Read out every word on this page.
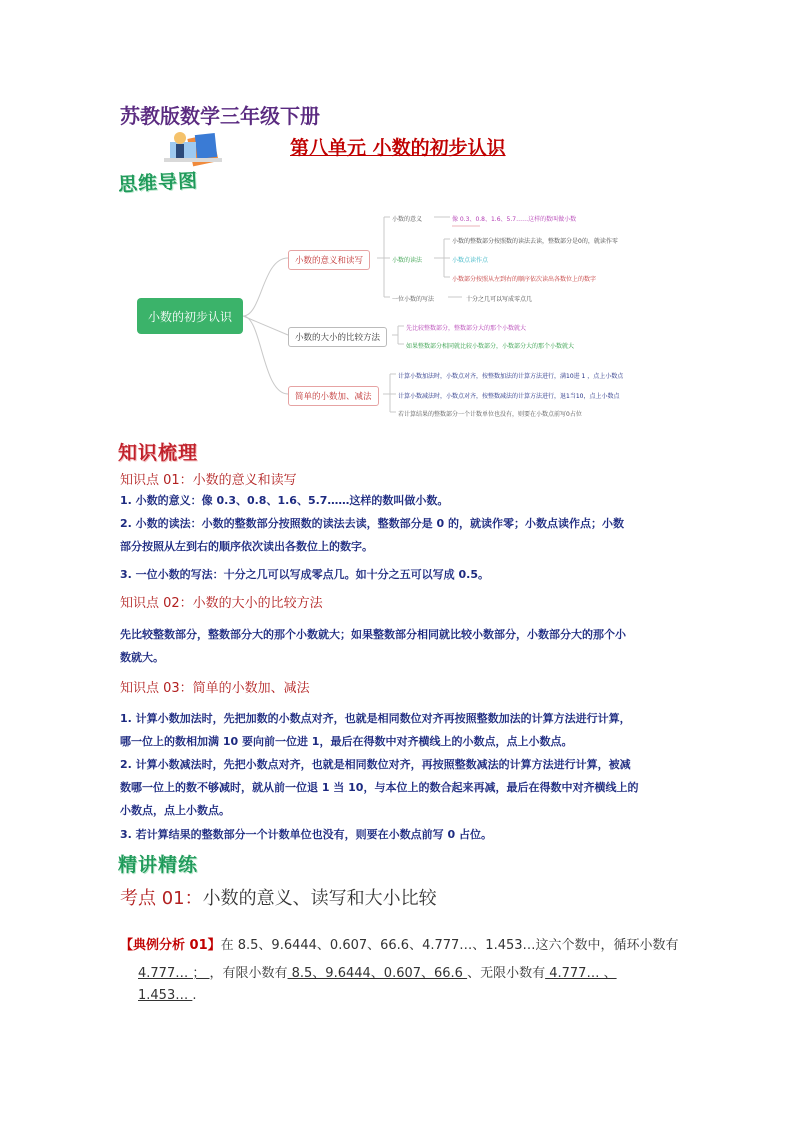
苏教版数学三年级下册
第八单元 小数的初步认识
思维导图
小数的初步认识
小数的意义和读写
小数的大小的比较方法
简单的小数加、减法
小数的意义
小数的读法
一位小数的写法
像 0.3、0.8、1.6、5.7……这样的数叫做小数
小数的整数部分按照数的读法去读，整数部分是0的，就读作零
小数点读作点
小数部分按照从左到右的顺序依次读出各数位上的数字
十分之几可以写成零点几
先比较整数部分，整数部分大的那个小数就大
如果整数部分相同就比较小数部分，小数部分大的那个小数就大
计算小数加法时，小数点对齐，按整数加法的计算方法进行，满10进 1 ，点上小数点
计算小数减法时，小数点对齐，按整数减法的计算方法进行，退1当10，点上小数点
若计算结果的整数部分一个计数单位也没有，则要在小数点前写0占位
知识梳理
知识点 01：小数的意义和读写
1. 小数的意义：像 0.3、0.8、1.6、5.7……这样的数叫做小数。
2. 小数的读法：小数的整数部分按照数的读法去读，整数部分是 0 的，就读作零；小数点读作点；小数
部分按照从左到右的顺序依次读出各数位上的数字。
3. 一位小数的写法：十分之几可以写成零点几。如十分之五可以写成 0.5。
知识点 02：小数的大小的比较方法
先比较整数部分，整数部分大的那个小数就大；如果整数部分相同就比较小数部分，小数部分大的那个小
数就大。
知识点 03：简单的小数加、减法
1. 计算小数加法时，先把加数的小数点对齐，也就是相同数位对齐再按照整数加法的计算方法进行计算，
哪一位上的数相加满 10 要向前一位进 1，最后在得数中对齐横线上的小数点，点上小数点。
2. 计算小数减法时，先把小数点对齐，也就是相同数位对齐，再按照整数减法的计算方法进行计算，被减
数哪一位上的数不够减时，就从前一位退 1 当 10，与本位上的数合起来再减，最后在得数中对齐横线上的
小数点，点上小数点。
3. 若计算结果的整数部分一个计数单位也没有，则要在小数点前写 0 占位。
精讲精练
考点 01：小数的意义、读写和大小比较
【典例分析 01】在 8.5、9.6444、0.607、66.6、4.777…、1.453…这六个数中，循环小数有
4.777… ； ，有限小数有 8.5、9.6444、0.607、66.6 、无限小数有 4.777… 、
1.453… .
